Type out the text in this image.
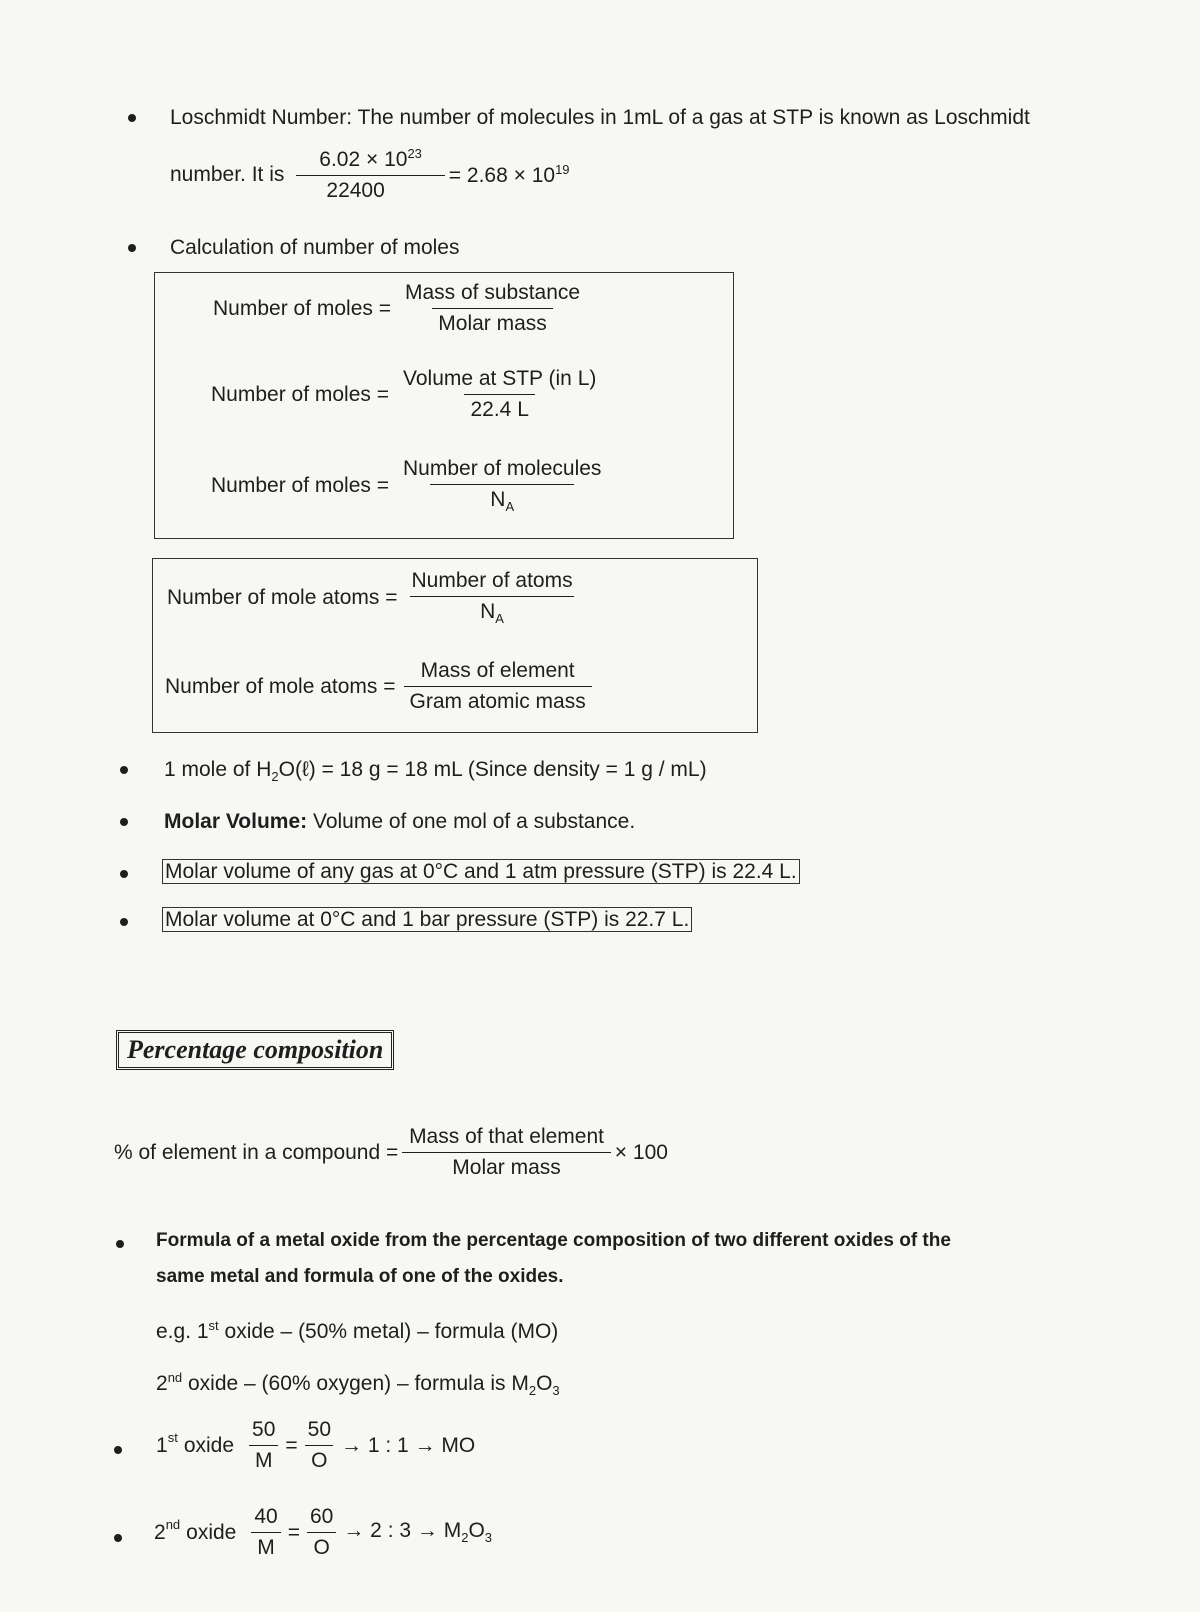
Loschmidt Number: The number of molecules in 1mL of a gas at STP is known as Loschmidt
number. It is $\frac{6.02 \times 10^{23}}{22400} = 2.68 \times 10^{19}$
Calculation of number of moles
Number of moles = $\frac{\text{Mass of substance}}{\text{Molar mass}}$
Number of moles = $\frac{\text{Volume at STP (in L)}}{22.4 L}$
Number of moles = $\frac{\text{Number of molecules}}{N_A}$
Number of mole atoms = $\frac{\text{Number of atoms}}{N_A}$
Number of mole atoms = $\frac{\text{Mass of element}}{\text{Gram atomic mass}}$
1 mole of $H_2O(\ell) = 18$ g = 18 mL (Since density = 1 g / mL)
Molar Volume: Volume of one mol of a substance.
Molar volume of any gas at 0°C and 1 atm pressure (STP) is 22.4 L.
Molar volume at 0°C and 1 bar pressure (STP) is 22.7 L.
Percentage composition
% of element in a compound = $\frac{\text{Mass of that element}}{\text{Molar mass}} \times 100$
Formula of a metal oxide from the percentage composition of two different oxides of the
same metal and formula of one of the oxides.
e.g. 1st oxide – (50% metal) – formula (MO)
2nd oxide – (60% oxygen) – formula is $M_2O_3$
1st oxide $\frac{50}{M} = \frac{50}{O} \to 1$ : 1 → MO
2nd oxide $\frac{40}{M} = \frac{60}{O} \to 2$ : $3 \to M_2O_3$
